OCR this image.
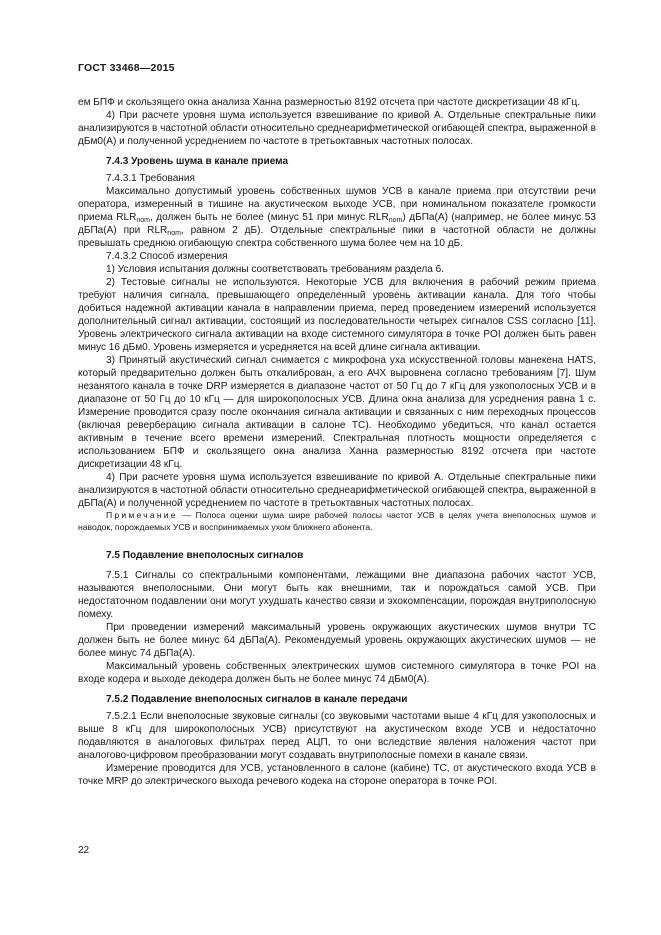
ГОСТ 33468—2015

ем БПФ и скользящего окна анализа Ханна размерностью 8192 отсчета при частоте дискретизации 48 кГц.

4) При расчете уровня шума используется взвешивание по кривой А. Отдельные спектральные пики анализируются в частотной области относительно среднеарифметической огибающей спектра, выраженной в дБм0(А) и полученной усреднением по частоте в третьоктавных частотных полосах.

7.4.3 Уровень шума в канале приема

7.4.3.1 Требования

Максимально допустимый уровень собственных шумов УСВ в канале приема при отсутствии речи оператора, измеренный в тишине на акустическом выходе УСВ, при номинальном показателе громкости приема $RLR_{nom}$, должен быть не более (минус 51 при минус $RLR_{nom}$) дБПа(А) (например, не более минус 53 дБПа(А) при $RLR_{nom}$, равном 2 дБ). Отдельные спектральные пики в частотной области не должны превышать среднюю огибающую спектра собственного шума более чем на 10 дБ.

7.4.3.2 Способ измерения

1) Условия испытания должны соответствовать требованиям раздела 6.

2) Тестовые сигналы не используются. Некоторые УСВ для включения в рабочий режим приема требуют наличия сигнала, превышающего определенный уровень активации канала. Для того чтобы добиться надежной активации канала в направлении приема, перед проведением измерений используется дополнительный сигнал активации, состоящий из последовательности четырех сигналов CSS согласно [11]. Уровень электрического сигнала активации на входе системного симулятора в точке POI должен быть равен минус 16 дБм0. Уровень измеряется и усредняется на всей длине сигнала активации.

3) Принятый акустический сигнал снимается с микрофона уха искусственной головы манекена HATS, который предварительно должен быть откалиброван, а его АЧХ выровнена согласно требованиям [7]. Шум незанятого канала в точке DRP измеряется в диапазоне частот от 50 Гц до 7 кГц для узкополосных УСВ и в диапазоне от 50 Гц до 10 кГц — для широкополосных УСВ. Длина окна анализа для усреднения равна 1 с. Измерение проводится сразу после окончания сигнала активации и связанных с ним переходных процессов (включая реверберацию сигнала активации в салоне ТС). Необходимо убедиться, что канал остается активным в течение всего времени измерений. Спектральная плотность мощности определяется с использованием БПФ и скользящего окна анализа Ханна размерностью 8192 отсчета при частоте дискретизации 48 кГц.

4) При расчете уровня шума используется взвешивание по кривой А. Отдельные спектральные пики анализируются в частотной области относительно среднеарифметической огибающей спектра, выраженной в дБПа(А) и полученной усреднением по частоте в третьоктавных частотных полосах.

Примечание — Полоса оценки шума шире рабочей полосы частот УСВ в целях учета внеполосных шумов и наводок, порождаемых УСВ и воспринимаемых ухом ближнего абонента.

7.5 Подавление внеполосных сигналов

7.5.1 Сигналы со спектральными компонентами, лежащими вне диапазона рабочих частот УСВ, называются внеполосными. Они могут быть как внешними, так и порождаться самой УСВ. При недостаточном подавлении они могут ухудшать качество связи и эхокомпенсации, порождая внутриполосную помеху.

При проведении измерений максимальный уровень окружающих акустических шумов внутри ТС должен быть не более минус 64 дБПа(А). Рекомендуемый уровень окружающих акустических шумов — не более минус 74 дБПа(А).

Максимальный уровень собственных электрических шумов системного симулятора в точке POI на входе кодера и выходе декодера должен быть не более минус 74 дБм0(А).

7.5.2 Подавление внеполосных сигналов в канале передачи

7.5.2.1 Если внеполосные звуковые сигналы (со звуковыми частотами выше 4 кГц для узкополосных и выше 8 кГц для широкополосных УСВ) присутствуют на акустическом входе УСВ и недостаточно подавляются в аналоговых фильтрах перед АЦП, то они вследствие явления наложения частот при аналогово-цифровом преобразовании могут создавать внутриполосные помехи в канале связи.

Измерение проводится для УСВ, установленного в салоне (кабине) ТС, от акустического входа УСВ в точке MRP до электрического выхода речевого кодека на стороне оператора в точке POI.

22
